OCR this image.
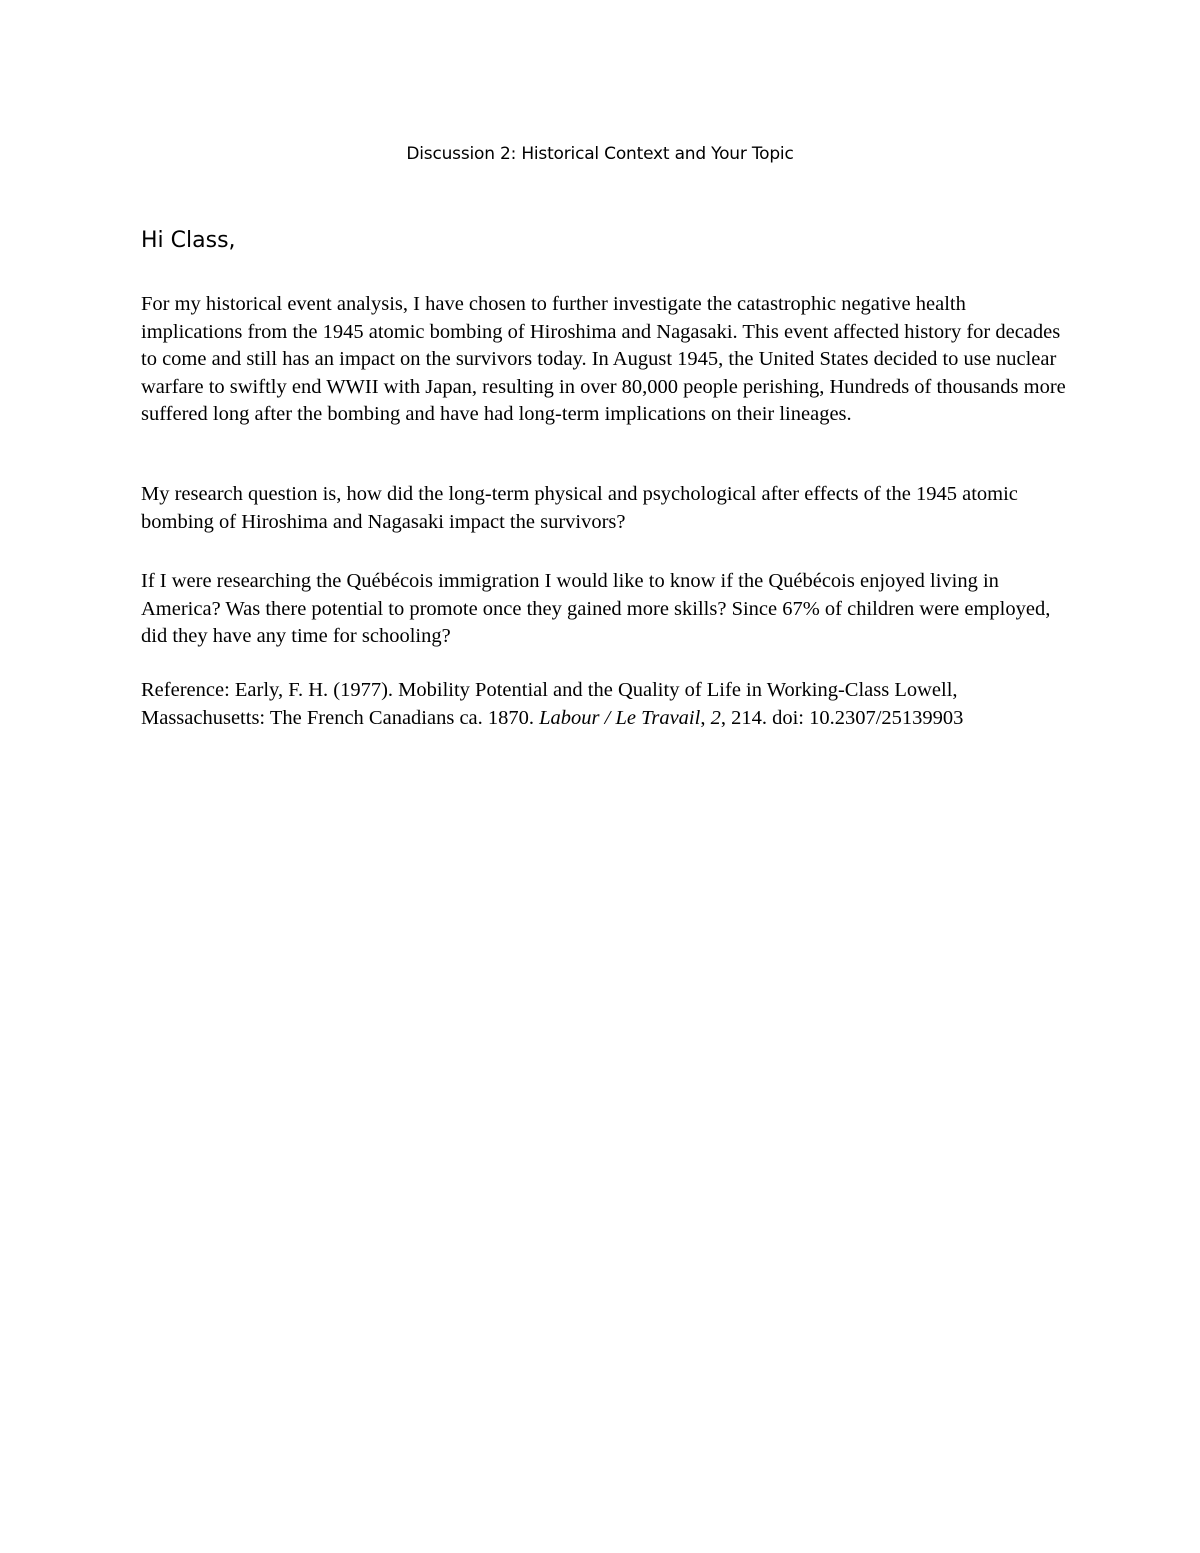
Discussion 2: Historical Context and Your Topic
Hi Class,

For my historical event analysis, I have chosen to further investigate the catastrophic negative health implications from the 1945 atomic bombing of Hiroshima and Nagasaki. This event affected history for decades to come and still has an impact on the survivors today. In August 1945, the United States decided to use nuclear warfare to swiftly end WWII with Japan, resulting in over 80,000 people perishing, Hundreds of thousands more suffered long after the bombing and have had long-term implications on their lineages.

My research question is, how did the long-term physical and psychological after effects of the 1945 atomic bombing of Hiroshima and Nagasaki impact the survivors?

If I were researching the Québécois immigration I would like to know if the Québécois enjoyed living in America? Was there potential to promote once they gained more skills? Since 67% of children were employed, did they have any time for schooling?

Reference: Early, F. H. (1977). Mobility Potential and the Quality of Life in Working-Class Lowell, Massachusetts: The French Canadians ca. 1870. Labour / Le Travail, 2, 214. doi: 10.2307/25139903
